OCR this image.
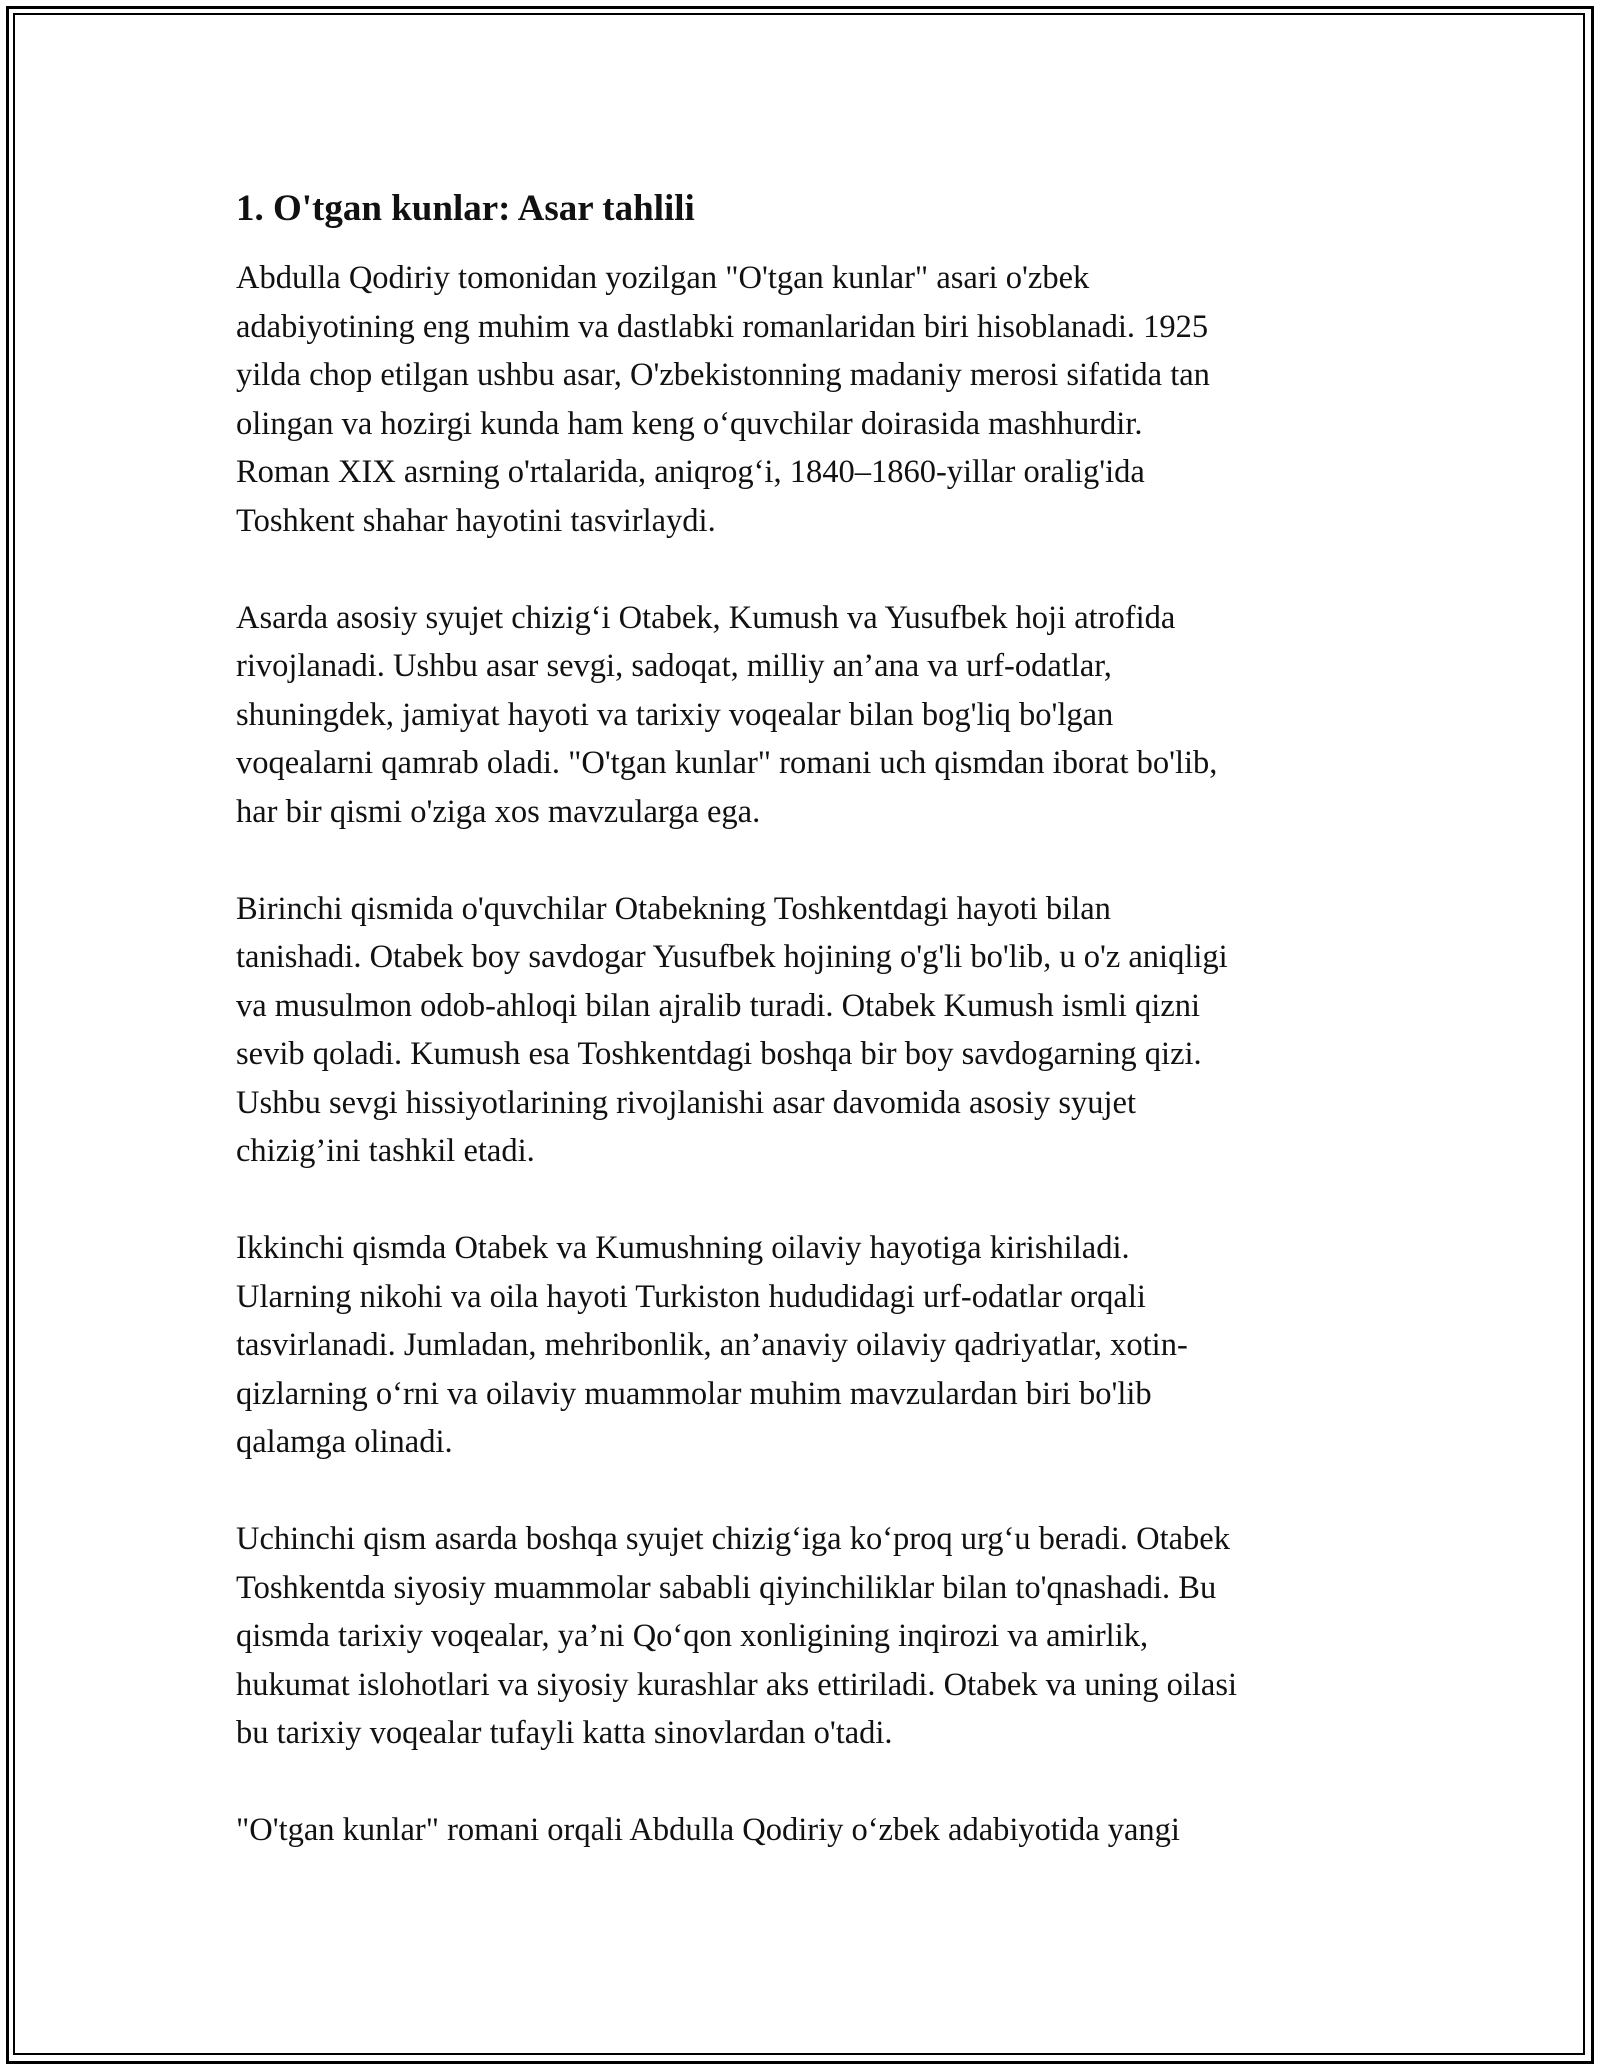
1. O'tgan kunlar: Asar tahlili

Abdulla Qodiriy tomonidan yozilgan "O'tgan kunlar" asari o'zbek
adabiyotining eng muhim va dastlabki romanlaridan biri hisoblanadi. 1925
yilda chop etilgan ushbu asar, O'zbekistonning madaniy merosi sifatida tan
olingan va hozirgi kunda ham keng o‘quvchilar doirasida mashhurdir.
Roman XIX asrning o'rtalarida, aniqrog‘i, 1840–1860-yillar oralig'ida
Toshkent shahar hayotini tasvirlaydi.

Asarda asosiy syujet chizig‘i Otabek, Kumush va Yusufbek hoji atrofida
rivojlanadi. Ushbu asar sevgi, sadoqat, milliy an’ana va urf-odatlar,
shuningdek, jamiyat hayoti va tarixiy voqealar bilan bog'liq bo'lgan
voqealarni qamrab oladi. "O'tgan kunlar" romani uch qismdan iborat bo'lib,
har bir qismi o'ziga xos mavzularga ega.

Birinchi qismida o'quvchilar Otabekning Toshkentdagi hayoti bilan
tanishadi. Otabek boy savdogar Yusufbek hojining o'g'li bo'lib, u o'z aniqligi
va musulmon odob-ahloqi bilan ajralib turadi. Otabek Kumush ismli qizni
sevib qoladi. Kumush esa Toshkentdagi boshqa bir boy savdogarning qizi.
Ushbu sevgi hissiyotlarining rivojlanishi asar davomida asosiy syujet
chizig’ini tashkil etadi.

Ikkinchi qismda Otabek va Kumushning oilaviy hayotiga kirishiladi.
Ularning nikohi va oila hayoti Turkiston hududidagi urf-odatlar orqali
tasvirlanadi. Jumladan, mehribonlik, an’anaviy oilaviy qadriyatlar, xotin-
qizlarning o‘rni va oilaviy muammolar muhim mavzulardan biri bo'lib
qalamga olinadi.

Uchinchi qism asarda boshqa syujet chizig‘iga ko‘proq urg‘u beradi. Otabek
Toshkentda siyosiy muammolar sababli qiyinchiliklar bilan to'qnashadi. Bu
qismda tarixiy voqealar, ya’ni Qo‘qon xonligining inqirozi va amirlik,
hukumat islohotlari va siyosiy kurashlar aks ettiriladi. Otabek va uning oilasi
bu tarixiy voqealar tufayli katta sinovlardan o'tadi.

"O'tgan kunlar" romani orqali Abdulla Qodiriy o‘zbek adabiyotida yangi
